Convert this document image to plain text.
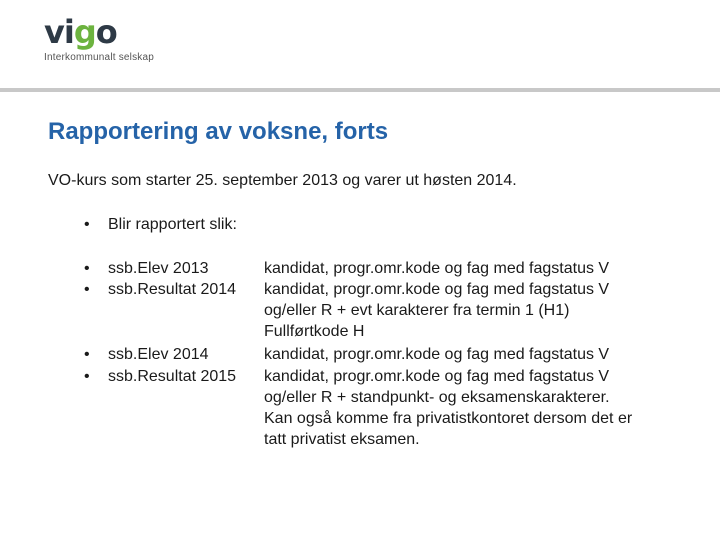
vigo
Interkommunalt selskap
Rapportering av voksne, forts
VO-kurs som starter 25. september 2013 og varer ut høsten 2014.
• Blir rapportert slik:
• ssb.Elev 2013	kandidat, progr.omr.kode og fag med fagstatus V
• ssb.Resultat 2014 kandidat, progr.omr.kode og fag med fagstatus V
og/eller R + evt karakterer fra termin 1 (H1)
Fullførtkode H
• ssb.Elev 2014	kandidat, progr.omr.kode og fag med fagstatus V
• ssb.Resultat 2015 kandidat, progr.omr.kode og fag med fagstatus V
og/eller R + standpunkt- og eksamenskarakterer.
Kan også komme fra privatistkontoret dersom det er
tatt privatist eksamen.
